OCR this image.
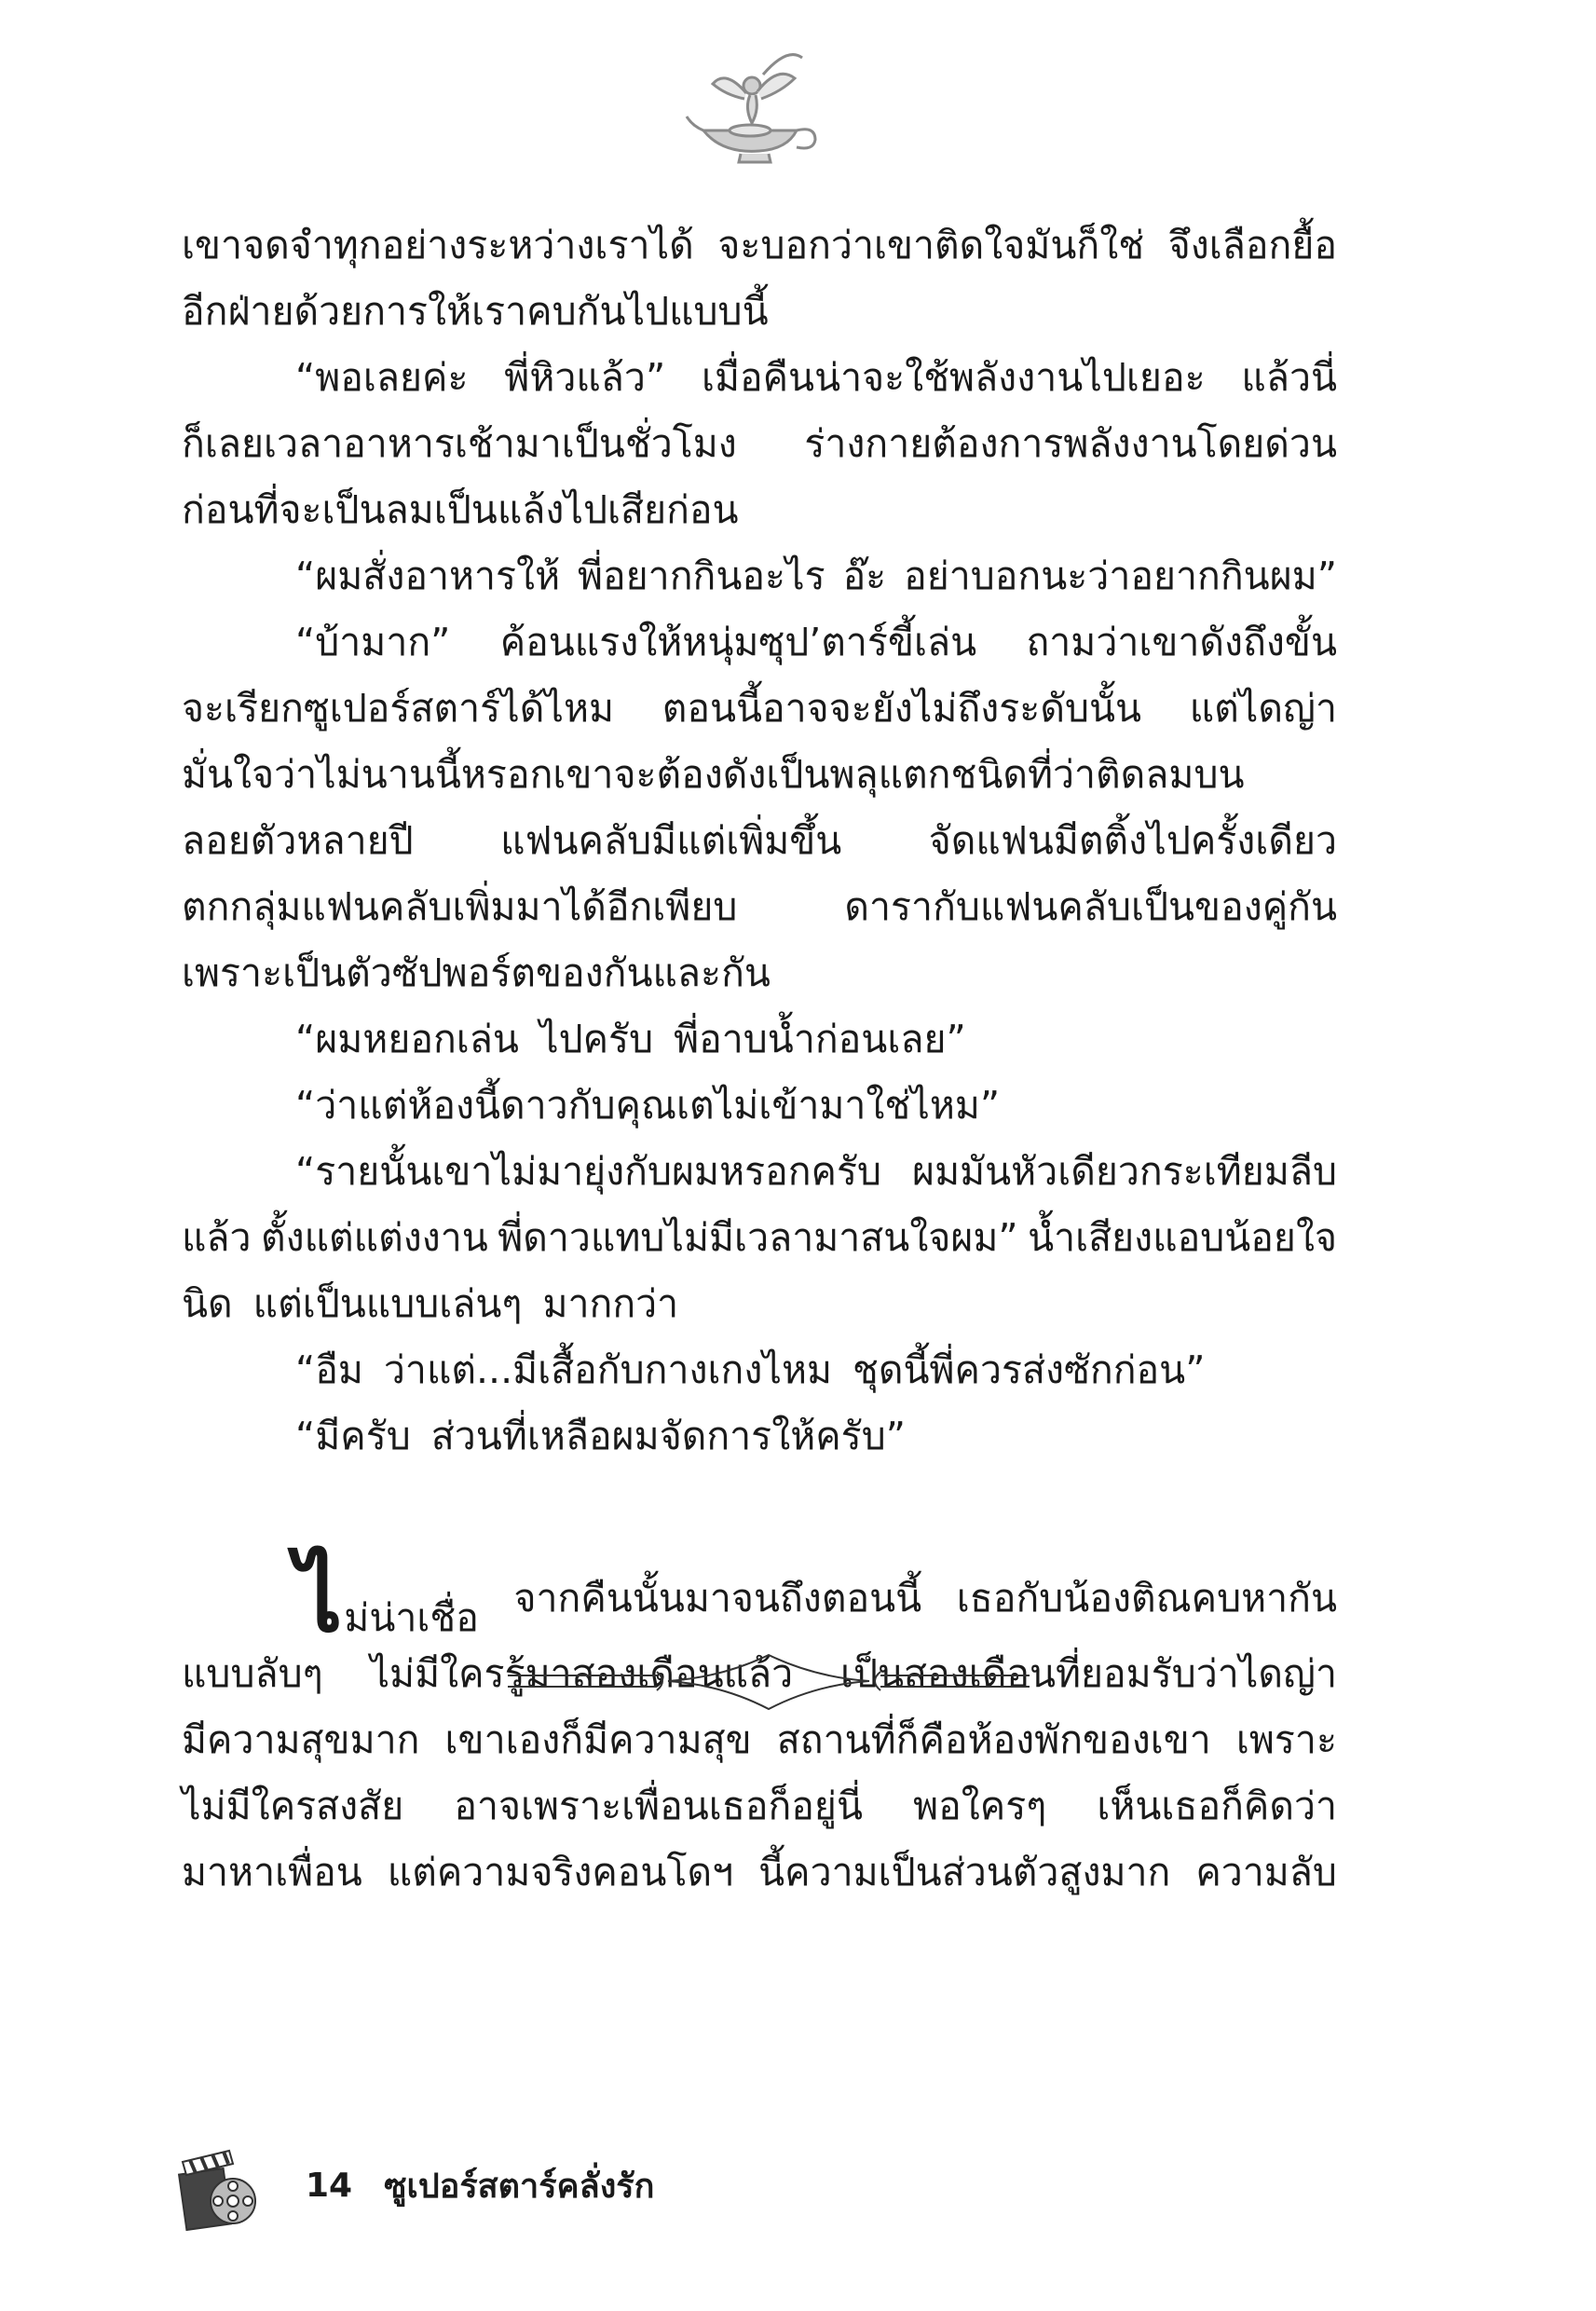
เขาจดจำทุกอย่างระหว่างเราได้ จะบอกว่าเขาติดใจมันก็ใช่ จึงเลือกยื้อ
อีกฝ่ายด้วยการให้เราคบกันไปแบบนี้
“พอเลยค่ะ พี่หิวแล้ว” เมื่อคืนน่าจะใช้พลังงานไปเยอะ แล้วนี่
ก็เลยเวลาอาหารเช้ามาเป็นชั่วโมง ร่างกายต้องการพลังงานโดยด่วน
ก่อนที่จะเป็นลมเป็นแล้งไปเสียก่อน
“ผมสั่งอาหารให้ พี่อยากกินอะไร อ๊ะ อย่าบอกนะว่าอยากกินผม”
“บ้ามาก” ค้อนแรงให้หนุ่มซุป’ตาร์ขี้เล่น ถามว่าเขาดังถึงขั้น
จะเรียกซูเปอร์สตาร์ได้ไหม ตอนนี้อาจจะยังไม่ถึงระดับนั้น แต่ไดญ่า
มั่นใจว่าไม่นานนี้หรอกเขาจะต้องดังเป็นพลุแตกชนิดที่ว่าติดลมบน
ลอยตัวหลายปี แฟนคลับมีแต่เพิ่มขึ้น จัดแฟนมีตติ้งไปครั้งเดียว
ตกกลุ่มแฟนคลับเพิ่มมาได้อีกเพียบ	ดารากับแฟนคลับเป็นของคู่กัน
เพราะเป็นตัวซัปพอร์ตของกันและกัน
“ผมหยอกเล่น ไปครับ พี่อาบน้ำก่อนเลย”
“ว่าแต่ห้องนี้ดาวกับคุณเตไม่เข้ามาใช่ไหม”
“รายนั้นเขาไม่มายุ่งกับผมหรอกครับ ผมมันหัวเดียวกระเทียมลีบ
แล้ว ตั้งแต่แต่งงาน พี่ดาวแทบไม่มีเวลามาสนใจผม” น้ำเสียงแอบน้อยใจ
นิด แต่เป็นแบบเล่นๆ มากกว่า
“อืม ว่าแต่...มีเสื้อกับกางเกงไหม ชุดนี้พี่ควรส่งซักก่อน”
“มีครับ ส่วนที่เหลือผมจัดการให้ครับ”
ไม่น่าเชื่อ จากคืนนั้นมาจนถึงตอนนี้ เธอกับน้องติณคบหากัน
แบบลับๆ ไม่มีใครรู้มาสองเดือนแล้ว เป็นสองเดือนที่ยอมรับว่าไดญ่า
มีความสุขมาก เขาเองก็มีความสุข สถานที่ก็คือห้องพักของเขา เพราะ
ไม่มีใครสงสัย อาจเพราะเพื่อนเธอก็อยู่นี่ พอใครๆ เห็นเธอก็คิดว่า
มาหาเพื่อน แต่ความจริงคอนโดฯ นี้ความเป็นส่วนตัวสูงมาก ความลับ
14 ซูเปอร์สตาร์คลั่งรัก
